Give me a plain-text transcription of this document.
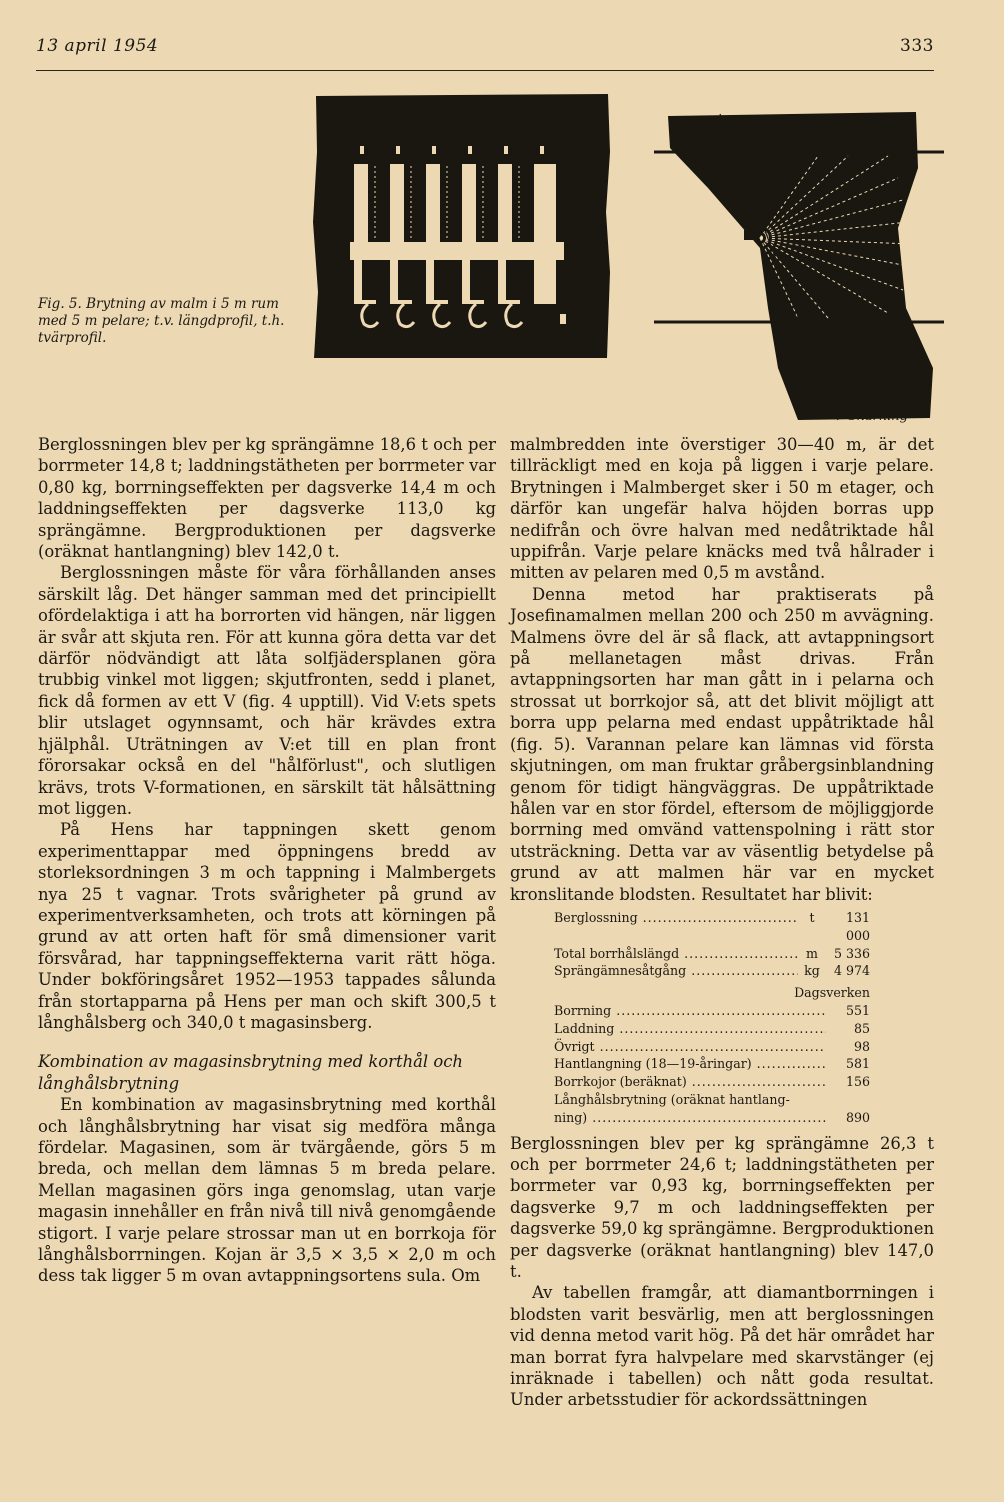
13 april 1954	333
Fig. 5. Brytning av malm i 5 m rum med 5 m pelare; t.v. längdprofil, t.h. tvärprofil.
Skärning

Berglossningen blev per kg sprängämne 18,6 t och per borrmeter 14,8 t; laddningstätheten per borrmeter var 0,80 kg, borrningseffekten per dagsverke 14,4 m och laddningseffekten per dagsverke 113,0 kg sprängämne. Bergproduktionen per dagsverke (oräknat hantlangning) blev 142,0 t.

Berglossningen måste för våra förhållanden anses särskilt låg. Det hänger samman med det principiellt ofördelaktiga i att ha borrorten vid hängen, när liggen är svår att skjuta ren. För att kunna göra detta var det därför nödvändigt att låta solfjädersplanen göra trubbig vinkel mot liggen; skjutfronten, sedd i planet, fick då formen av ett V (fig. 4 upptill). Vid V:ets spets blir utslaget ogynnsamt, och här krävdes extra hjälphål. Uträtningen av V:et till en plan front förorsakar också en del "hålförlust", och slutligen krävs, trots V-formationen, en särskilt tät hålsättning mot liggen.

På Hens har tappningen skett genom experimenttappar med öppningens bredd av storleksordningen 3 m och tappning i Malmbergets nya 25 t vagnar. Trots svårigheter på grund av experimentverksamheten, och trots att körningen på grund av att orten haft för små dimensioner varit försvårad, har tappningseffekterna varit rätt höga. Under bokföringsåret 1952—1953 tappades sålunda från stortapparna på Hens per man och skift 300,5 t långhålsberg och 340,0 t magasinsberg.

Kombination av magasinsbrytning med korthål och långhålsbrytning

En kombination av magasinsbrytning med korthål och långhålsbrytning har visat sig medföra många fördelar. Magasinen, som är tvärgående, görs 5 m breda, och mellan dem lämnas 5 m breda pelare. Mellan magasinen görs inga genomslag, utan varje magasin innehåller en från nivå till nivå genomgående stigort. I varje pelare strossar man ut en borrkoja för långhålsborrningen. Kojan är 3,5 × 3,5 × 2,0 m och dess tak ligger 5 m ovan avtappningsortens sula. Om

malmbredden inte överstiger 30—40 m, är det tillräckligt med en koja på liggen i varje pelare. Brytningen i Malmberget sker i 50 m etager, och därför kan ungefär halva höjden borras upp nedifrån och övre halvan med nedåtriktade hål uppifrån. Varje pelare knäcks med två hålrader i mitten av pelaren med 0,5 m avstånd.

Denna metod har praktiserats på Josefinamalmen mellan 200 och 250 m avvägning. Malmens övre del är så flack, att avtappningsort på mellanetagen måst drivas. Från avtappningsorten har man gått in i pelarna och strossat ut borrkojor så, att det blivit möjligt att borra upp pelarna med endast uppåtriktade hål (fig. 5). Varannan pelare kan lämnas vid första skjutningen, om man fruktar gråbergsinblandning genom för tidigt hängväggras. De uppåtriktade hålen var en stor fördel, eftersom de möjliggjorde borrning med omvänd vattenspolning i rätt stor utsträckning. Detta var av väsentlig betydelse på grund av att malmen här var en mycket kronslitande blodsten. Resultatet har blivit:

Berglossning .....	t	131 000
Total borrhålslängd .....	m	5 336
Sprängämnesåtgång .....	kg	4 974
Dagsverken
Borrning .....	551
Laddning .....	85
Övrigt .....	98
Hantlangning (18—19-åringar) .....	581
Borrkojor (beräknat) .....	156
Långhålsbrytning (oräknat hantlang-
ning) .....	890

Berglossningen blev per kg sprängämne 26,3 t och per borrmeter 24,6 t; laddningstätheten per borrmeter var 0,93 kg, borrningseffekten per dagsverke 9,7 m och laddningseffekten per dagsverke 59,0 kg sprängämne. Bergproduktionen per dagsverke (oräknat hantlangning) blev 147,0 t.

Av tabellen framgår, att diamantborrningen i blodsten varit besvärlig, men att berglossningen vid denna metod varit hög. På det här området har man borrat fyra halvpelare med skarvstänger (ej inräknade i tabellen) och nått goda resultat. Under arbetsstudier för ackordssättningen
